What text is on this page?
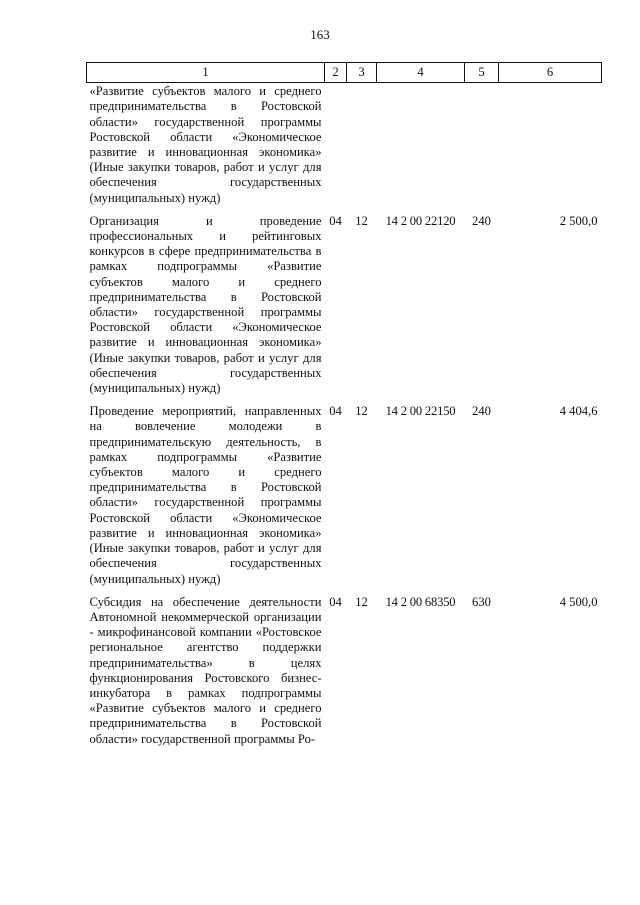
163
1	2	3	4	5	6
«Развитие субъектов малого и среднего предпринимательства в Ростовской области» государственной программы Ростовской области «Экономическое развитие и инновационная экономика» (Иные закупки товаров, работ и услуг для обеспечения государственных (муниципальных) нужд)					
Организация и проведение профессиональных и рейтинговых конкурсов в сфере предпринимательства в рамках подпрограммы «Развитие субъектов малого и среднего предпринимательства в Ростовской области» государственной программы Ростовской области «Экономическое развитие и инновационная экономика» (Иные закупки товаров, работ и услуг для обеспечения государственных (муниципальных) нужд)	04	12	14 2 00 22120	240	2 500,0
Проведение мероприятий, направленных на вовлечение молодежи в предпринимательскую деятельность, в рамках подпрограммы «Развитие субъектов малого и среднего предпринимательства в Ростовской области» государственной программы Ростовской области «Экономическое развитие и инновационная экономика» (Иные закупки товаров, работ и услуг для обеспечения государственных (муниципальных) нужд)	04	12	14 2 00 22150	240	4 404,6
Субсидия на обеспечение деятельности Автономной некоммерческой организации - микрофинансовой компании «Ростовское региональное агентство поддержки предпринимательства» в целях функционирования Ростовского бизнес-инкубатора в рамках подпрограммы «Развитие субъектов малого и среднего предпринимательства в Ростовской области» государственной программы Ро-	04	12	14 2 00 68350	630	4 500,0
